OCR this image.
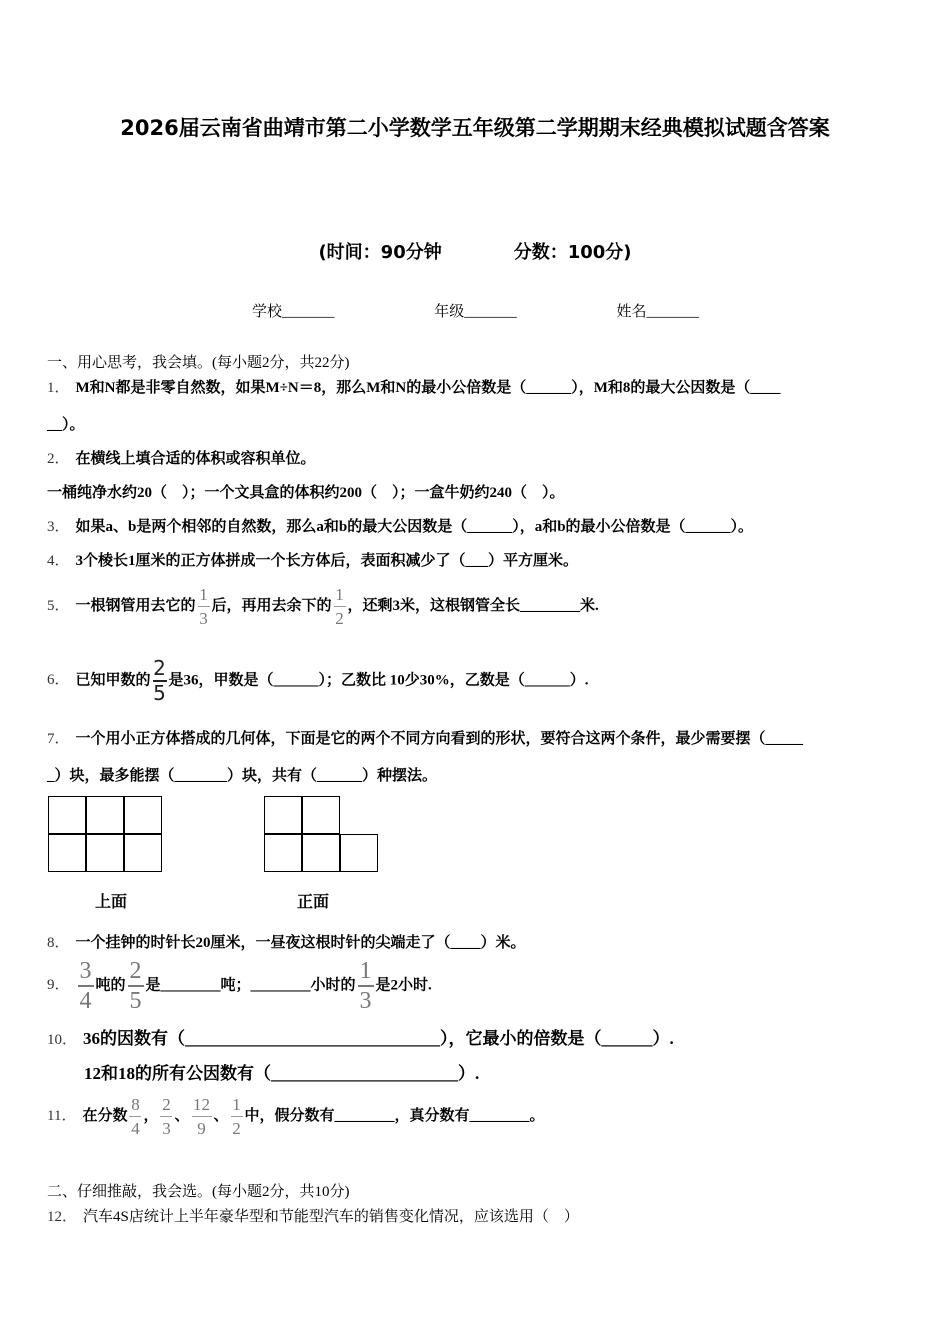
2026届云南省曲靖市第二小学数学五年级第二学期期末经典模拟试题含答案
(时间：90分钟	分数：100分)
学校_______	年级_______	姓名_______
一、用心思考，我会填。(每小题2分，共22分)
1． M和N都是非零自然数，如果M÷N＝8，那么M和N的最小公倍数是（______），M和8的最大公因数是（____
__）。
2． 在横线上填合适的体积或容积单位。
一桶纯净水约20（　）；一个文具盒的体积约200（　）；一盒牛奶约240（　）。
3． 如果a、b是两个相邻的自然数，那么a和b的最大公因数是（______），a和b的最小公倍数是（______）。
4． 3个棱长1厘米的正方体拼成一个长方体后，表面积减少了（___）平方厘米。
5． 一根钢管用去它的 $\frac{1}{3}$ 后，再用去余下的 $\frac{1}{2}$ ，还剩3米，这根钢管全长________米.
6． 已知甲数的 $\frac{2}{5}$ 是36，甲数是（______）；乙数比 10少30%，乙数是（______）.
7． 一个用小正方体搭成的几何体，下面是它的两个不同方向看到的形状，要符合这两个条件，最少需要摆（_____
_）块，最多能摆（_______）块，共有（______）种摆法。
上面	正面
8． 一个挂钟的时针长20厘米，一昼夜这根时针的尖端走了（____）米。
9． $\frac{3}{4}$ 吨的 $\frac{2}{5}$ 是________吨；________小时的 $\frac{1}{3}$ 是2小时.
10． 36的因数有（______________________________），它最小的倍数是（______）.
12和18的所有公因数有（______________________）.
11． 在分数 $\frac{8}{4}$ ， $\frac{2}{3}$ 、 $\frac{12}{9}$ 、 $\frac{1}{2}$ 中，假分数有________，真分数有________。
二、仔细推敲，我会选。(每小题2分，共10分)
12． 汽车4S店统计上半年豪华型和节能型汽车的销售变化情况，应该选用（　）
